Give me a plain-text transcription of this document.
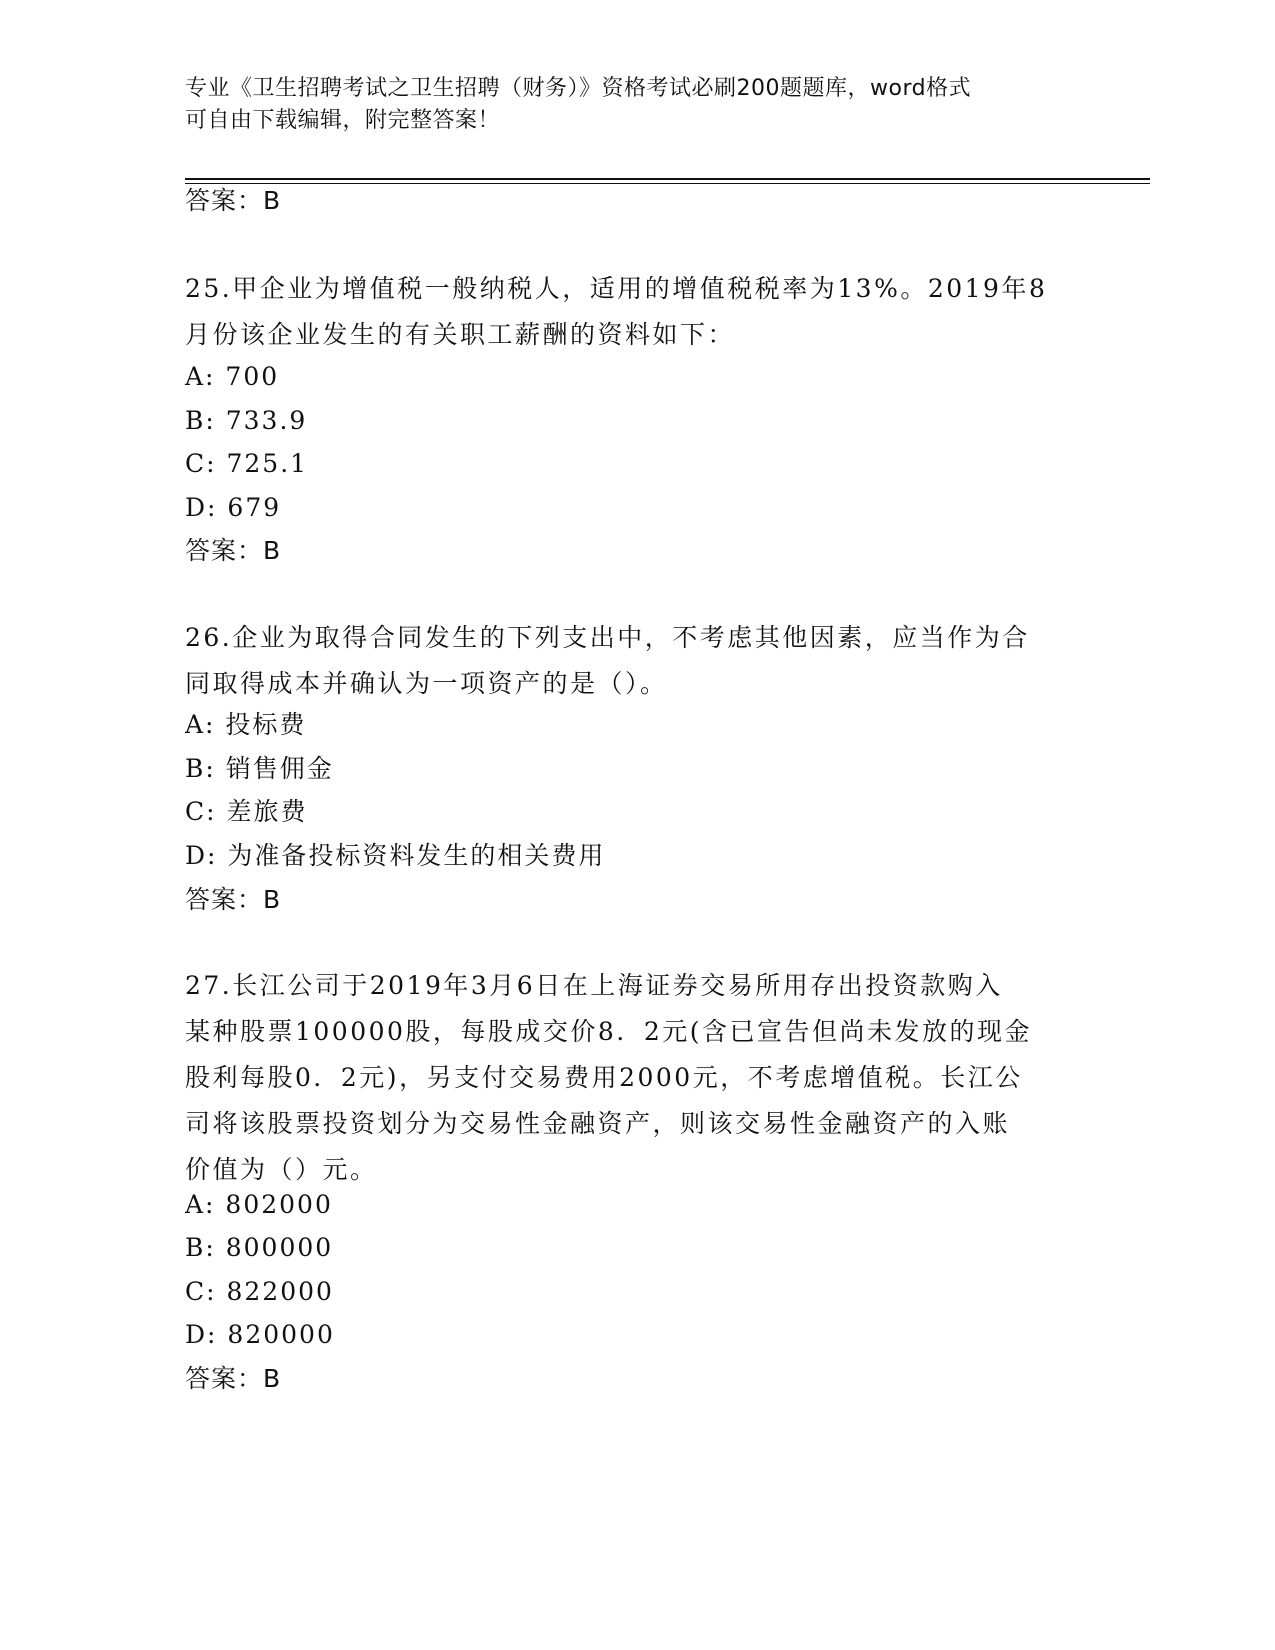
专业《卫生招聘考试之卫生招聘（财务）》资格考试必刷200题题库，word格式
可自由下载编辑，附完整答案！
答案：B
25.甲企业为增值税一般纳税人，适用的增值税税率为13%。2019年8
月份该企业发生的有关职工薪酬的资料如下：
A: 700
B: 733.9
C: 725.1
D: 679
答案：B
26.企业为取得合同发生的下列支出中，不考虑其他因素，应当作为合
同取得成本并确认为一项资产的是（）。
A: 投标费
B: 销售佣金
C: 差旅费
D: 为准备投标资料发生的相关费用
答案：B
27.长江公司于2019年3月6日在上海证券交易所用存出投资款购入
某种股票100000股，每股成交价8．2元(含已宣告但尚未发放的现金
股利每股0．2元)，另支付交易费用2000元，不考虑增值税。长江公
司将该股票投资划分为交易性金融资产，则该交易性金融资产的入账
价值为（）元。
A: 802000
B: 800000
C: 822000
D: 820000
答案：B
